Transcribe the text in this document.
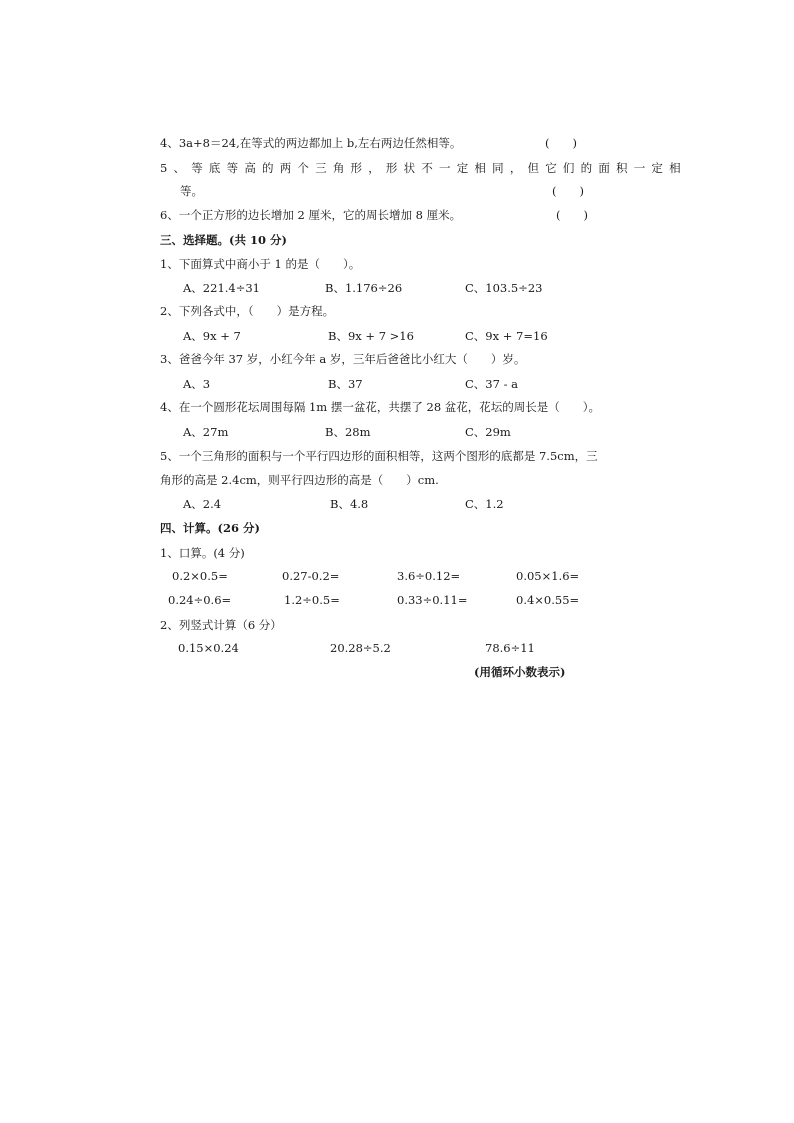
4、3a+8＝24,在等式的两边都加上 b,左右两边任然相等。	(　　)
5、等底等高的两个三角形，形状不一定相同，但它们的面积一定相
等。	(　　)
6、一个正方形的边长增加 2 厘米，它的周长增加 8 厘米。	(　　)
三、选择题。(共 10 分)
1、下面算式中商小于 1 的是（　　）。
A、221.4÷31	B、1.176÷26	C、103.5÷23
2、下列各式中，（　　）是方程。
A、9x + 7	B、9x + 7 >16	C、9x + 7=16
3、爸爸今年 37 岁，小红今年 a 岁，三年后爸爸比小红大（　　）岁。
A、3	B、37	C、37 - a
4、在一个圆形花坛周围每隔 1m 摆一盆花，共摆了 28 盆花，花坛的周长是（　　）。
A、27m	B、28m	C、29m
5、一个三角形的面积与一个平行四边形的面积相等，这两个图形的底都是 7.5cm，三
角形的高是 2.4cm，则平行四边形的高是（　　）cm.
A、2.4	B、4.8	C、1.2
四、计算。(26 分)
1、口算。(4 分)
0.2×0.5=	0.27-0.2=	3.6÷0.12=	0.05×1.6=
0.24÷0.6=	1.2÷0.5=	0.33÷0.11=	0.4×0.55=
2、列竖式计算（6 分）
0.15×0.24	20.28÷5.2	78.6÷11
(用循环小数表示)
